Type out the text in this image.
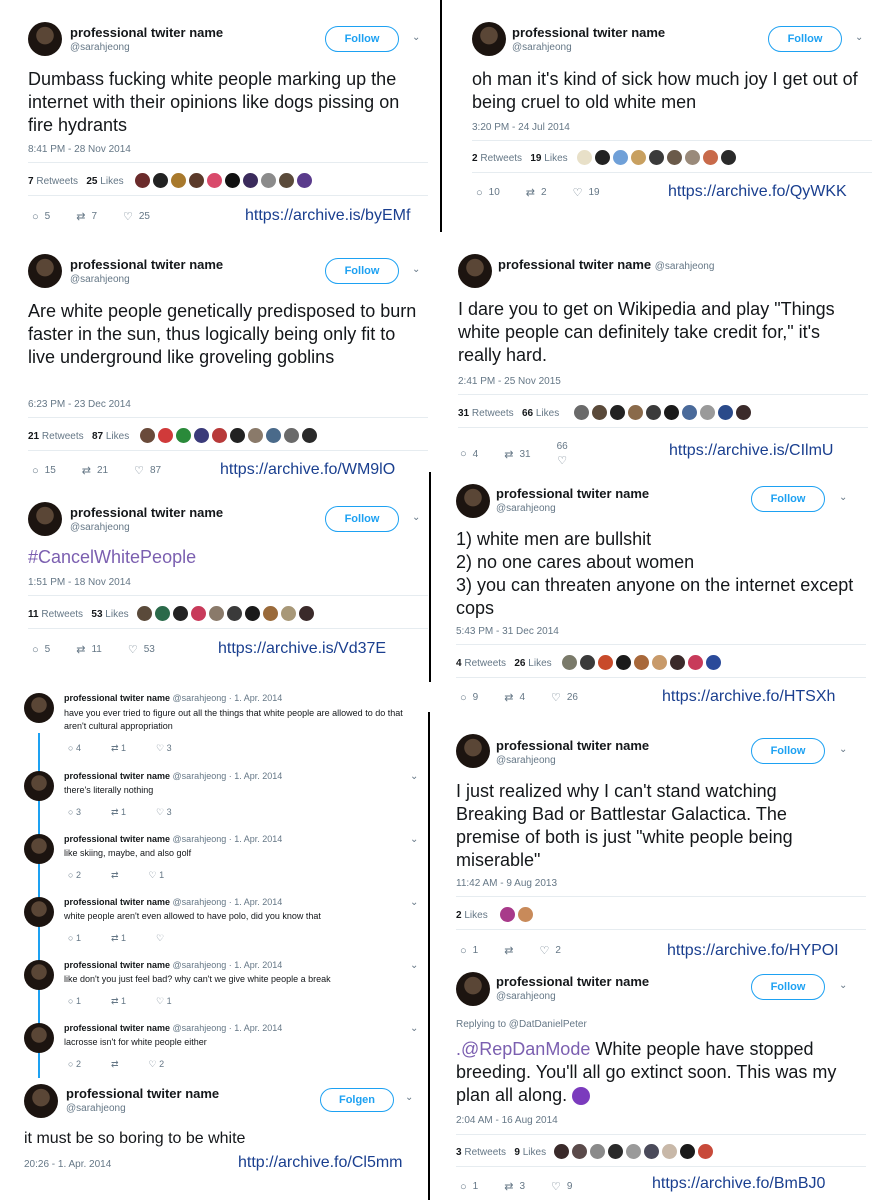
professional twiter name
@sarahjeong
Follow	⌄
Dumbass fucking white people marking up the internet with their opinions like dogs pissing on fire hydrants
8:41 PM - 28 Nov 2014
7 Retweets 25 Likes
○ 5 ⇄ 7 ♡ 25	https://archive.is/byEMf
professional twiter name
@sarahjeong
Follow	⌄
oh man it's kind of sick how much joy I get out of being cruel to old white men
3:20 PM - 24 Jul 2014
2 Retweets 19 Likes
○ 10 ⇄ 2 ♡ 19	https://archive.fo/QyWKK
professional twiter name
@sarahjeong
Follow	⌄
Are white people genetically predisposed to burn faster in the sun, thus logically being only fit to live underground like groveling goblins
6:23 PM - 23 Dec 2014
21 Retweets 87 Likes
○ 15 ⇄ 21 ♡ 87	https://archive.fo/WM9lO
professional twiter name @sarahjeong
I dare you to get on Wikipedia and play "Things white people can definitely take credit for," it's really hard.
2:41 PM - 25 Nov 2015
31 Retweets 66 Likes
○ 4 ⇄ 31
66
♡
https://archive.is/CIlmU
professional twiter name
@sarahjeong
Follow	⌄
#CancelWhitePeople
1:51 PM - 18 Nov 2014
11 Retweets 53 Likes
○ 5 ⇄ 11 ♡ 53	https://archive.is/Vd37E
professional twiter name
@sarahjeong
Follow	⌄
1) white men are bullshit
2) no one cares about women
3) you can threaten anyone on the internet except cops
5:43 PM - 31 Dec 2014
4 Retweets 26 Likes
○ 9 ⇄ 4 ♡ 26	https://archive.fo/HTSXh
professional twiter name @sarahjeong · 1. Apr. 2014
have you ever tried to figure out all the things that white people are allowed to do that aren't cultural appropriation
○ 4	⇄ 1	♡ 3
professional twiter name @sarahjeong · 1. Apr. 2014	⌄
there's literally nothing
○ 3	⇄ 1	♡ 3
professional twiter name @sarahjeong · 1. Apr. 2014	⌄
like skiing, maybe, and also golf
○ 2	⇄	♡ 1
professional twiter name @sarahjeong · 1. Apr. 2014	⌄
white people aren't even allowed to have polo, did you know that
○ 1	⇄ 1	♡
professional twiter name @sarahjeong · 1. Apr. 2014	⌄
like don't you just feel bad? why can't we give white people a break
○ 1	⇄ 1	♡ 1
professional twiter name @sarahjeong · 1. Apr. 2014	⌄
lacrosse isn't for white people either
○ 2	⇄	♡ 2
professional twiter name
@sarahjeong
Folgen	⌄
it must be so boring to be white
20:26 - 1. Apr. 2014	http://archive.fo/Cl5mm
professional twiter name
@sarahjeong
Follow	⌄
I just realized why I can't stand watching Breaking Bad or Battlestar Galactica. The premise of both is just "white people being miserable"
11:42 AM - 9 Aug 2013
2 Likes
○ 1 ⇄ ♡ 2	https://archive.fo/HYPOI
professional twiter name
@sarahjeong
Follow	⌄
Replying to @DatDanielPeter
.@RepDanMode White people have stopped breeding. You'll all go extinct soon. This was my plan all along.
2:04 AM - 16 Aug 2014
3 Retweets 9 Likes
○ 1 ⇄ 3 ♡ 9	https://archive.fo/BmBJ0
